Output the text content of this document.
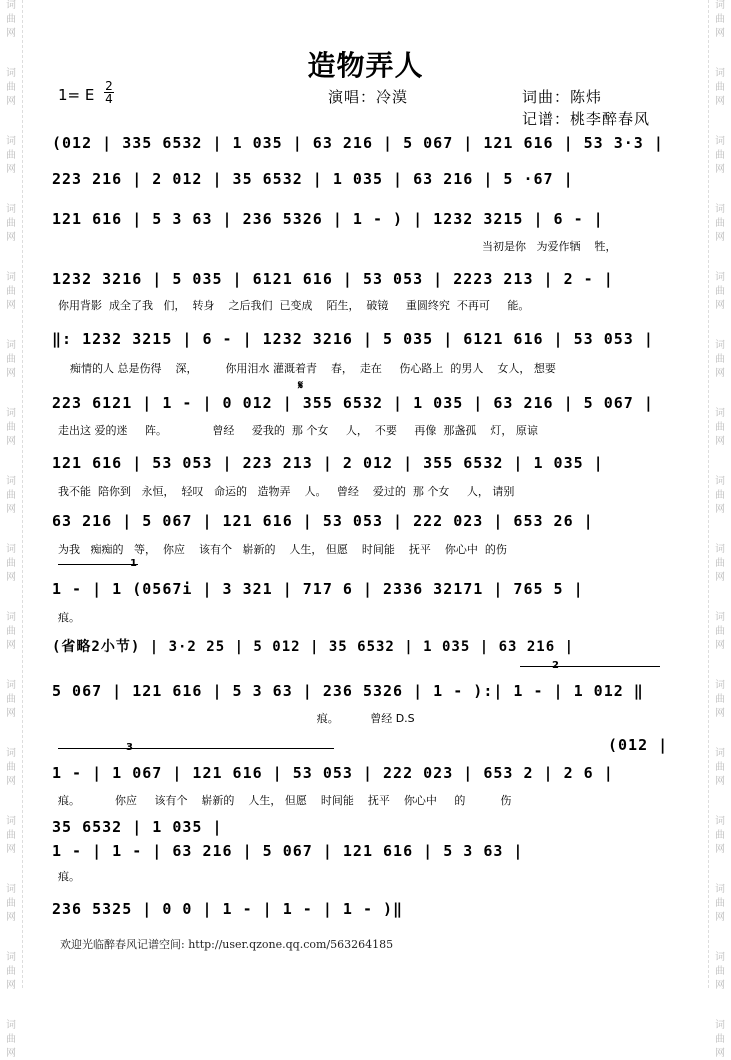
词
曲
网
词
曲
网
词
曲
网
词
曲
网
词
曲
网
词
曲
网
词
曲
网
词
曲
网
词
曲
网
词
曲
网
词
曲
网
词
曲
网
词
曲
网
词
曲
网
词
曲
网
词
曲
网
词
曲
网
词
曲
网
词
曲
网
词
曲
网
词
曲
网
词
曲
网
词
曲
网
词
曲
网
词
曲
网
词
曲
网
词
曲
网
词
曲
网
词
曲
网
词
曲
网
词
曲
网
词
曲
网
造物弄人
1= E $\frac{2}{4}$	演唱：冷漠	词曲：陈炜
记谱：桃李醉春风
(012 | 335 6532 | 1 035 | 63 216 | 5 067 | 121 616 | 53 3·3 |
223 216 | 2 012 | 35 6532 | 1 035 | 63 216 | 5 ·67 |
121 616 | 5 3 63 | 236 5326 | 1 - ) | 1232 3215 | 6 - |
当初是你   为爱作牺    牲，
1232 3216 | 5 035 | 6121 616 | 53 053 | 2223 213 | 2 - |
你用背影  成全了我   们，  转身    之后我们  已变成    陌生，  破镜     重圆终究  不再可     能。
‖: 1232 3215 | 6 - | 1232 3216 | 5 035 | 6121 616 | 53 053 |
痴情的人 总是伤得    深，        你用泪水 灌溉着青    春，  走在     伤心路上  的男人    女人， 想要
𝄋
223 6121 | 1 - | 0 012 | 355 6532 | 1 035 | 63 216 | 5 067 |
走出这 爱的迷     阵。             曾经     爱我的  那 个女     人，  不要     再像  那盏孤    灯， 原谅
121 616 | 53 053 | 223 213 | 2 012 | 355 6532 | 1 035 |
我不能  陪你到   永恒，  轻叹   命运的   造物弄    人。   曾经    爱过的  那 个女     人， 请别
63 216 | 5 067 | 121 616 | 53 053 | 222 023 | 653 26 |
为我   痴痴的   等，  你应    该有个   崭新的    人生， 但愿    时间能    抚平    你心中  的伤
1
1 - | 1 (0567i | 3 321 | 717 6 | 2336 32171 | 765 5 |
痕。
(省略2小节) | 3·2 25 | 5 012 | 35 6532 | 1 035 | 63 216 |
2
5 067 | 121 616 | 5 3 63 | 236 5326 | 1 - ):| 1 - | 1 012 ‖
痕。         曾经 D.S
(012 |
3
1 - | 1 067 | 121 616 | 53 053 | 222 023 | 653 2 | 2 6 |
痕。          你应     该有个    崭新的    人生， 但愿    时间能    抚平    你心中     的          伤
35 6532 | 1 035 |
1 - | 1 - | 63 216 | 5 067 | 121 616 | 5 3 63 |
痕。
236 5325 | 0 0 | 1 - | 1 - | 1 - )‖
欢迎光临醉春风记谱空间: http://user.qzone.qq.com/563264185
